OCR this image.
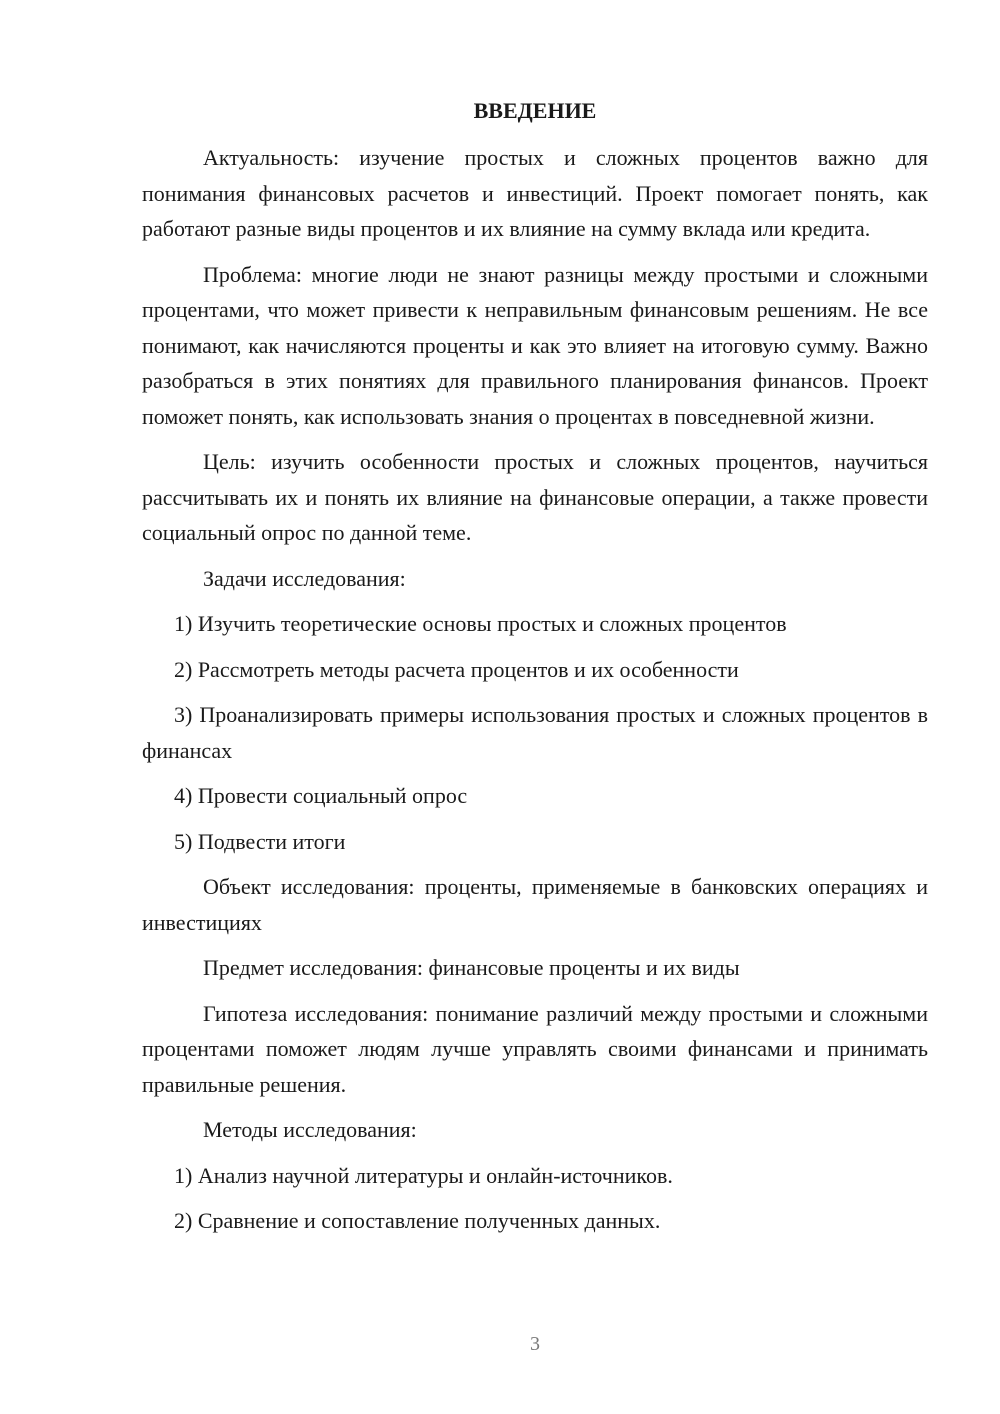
ВВЕДЕНИЕ

Актуальность: изучение простых и сложных процентов важно для понимания финансовых расчетов и инвестиций. Проект помогает понять, как работают разные виды процентов и их влияние на сумму вклада или кредита.

Проблема: многие люди не знают разницы между простыми и сложными процентами, что может привести к неправильным финансовым решениям. Не все понимают, как начисляются проценты и как это влияет на итоговую сумму. Важно разобраться в этих понятиях для правильного планирования финансов. Проект поможет понять, как использовать знания о процентах в повседневной жизни.

Цель: изучить особенности простых и сложных процентов, научиться рассчитывать их и понять их влияние на финансовые операции, а также провести социальный опрос по данной теме.

Задачи исследования:

1) Изучить теоретические основы простых и сложных процентов

2) Рассмотреть методы расчета процентов и их особенности

3) Проанализировать примеры использования простых и сложных процентов в финансах

4) Провести социальный опрос

5) Подвести итоги

Объект исследования: проценты, применяемые в банковских операциях и инвестициях

Предмет исследования: финансовые проценты и их виды

Гипотеза исследования: понимание различий между простыми и сложными процентами поможет людям лучше управлять своими финансами и принимать правильные решения.

Методы исследования:

1) Анализ научной литературы и онлайн-источников.

2) Сравнение и сопоставление полученных данных.

3
